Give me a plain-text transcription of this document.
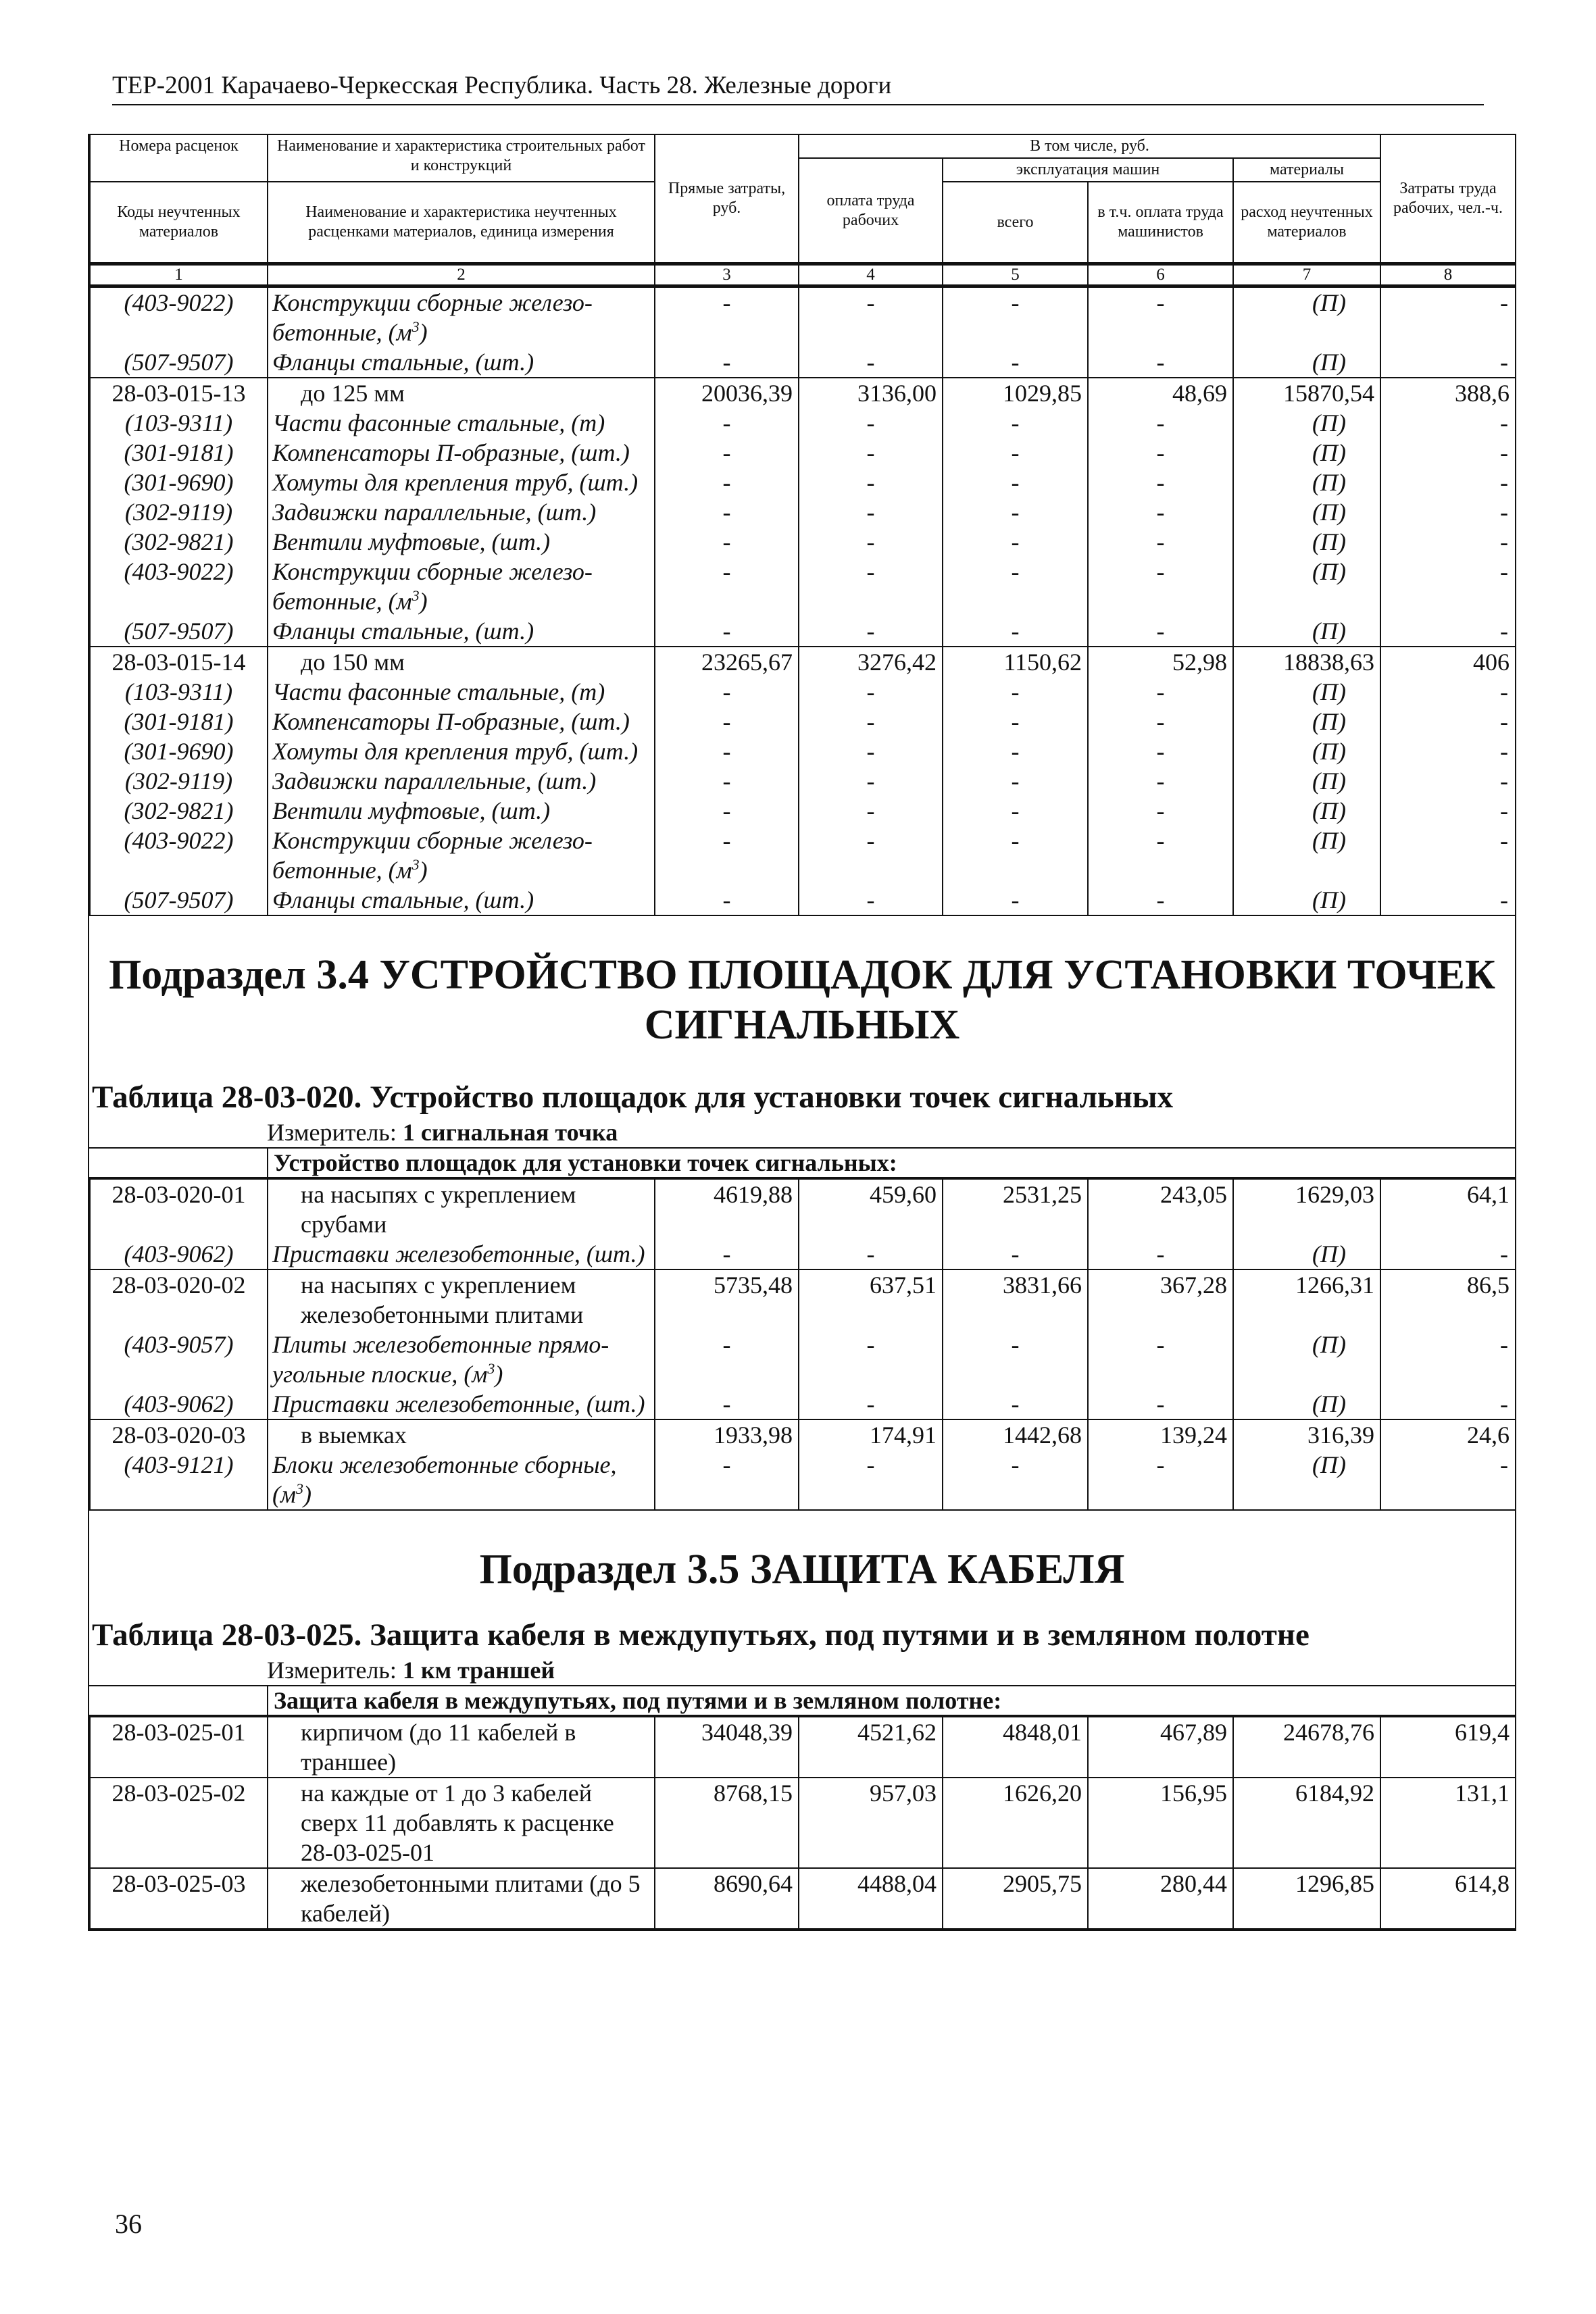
ТЕР-2001 Карачаево-Черкесская Республика. Часть 28. Железные дороги
Номера расценок	Наименование и характеристика строительных работ и конструкций	Прямые затраты, руб.	В том числе, руб.				Затраты труда рабочих, чел.-ч.
			оплата труда рабочих	эксплуатация машин		материалы	
Коды неучтенных материалов	Наименование и характеристика неучтенных расценками материалов, единица измерения			всего	в т.ч. оплата труда машинистов	расход неучтенных материалов	
1	2	3	4	5	6	7	8
(403-9022)	Конструкции сборные железо-бетонные, $(м^3)$	-	-	-	-	(П)	-
(507-9507)	Фланцы стальные, (шт.)	-	-	-	-	(П)	-
28-03-015-13	до 125 мм	20036,39	3136,00	1029,85	48,69	15870,54	388,6
(103-9311)	Части фасонные стальные, (т)	-	-	-	-	(П)	-
(301-9181)	Компенсаторы П-образные, (шт.)	-	-	-	-	(П)	-
(301-9690)	Хомуты для крепления труб, (шт.)	-	-	-	-	(П)	-
(302-9119)	Задвижки параллельные, (шт.)	-	-	-	-	(П)	-
(302-9821)	Вентили муфтовые, (шт.)	-	-	-	-	(П)	-
(403-9022)	Конструкции сборные железо-бетонные, $(м^3)$	-	-	-	-	(П)	-
(507-9507)	Фланцы стальные, (шт.)	-	-	-	-	(П)	-
28-03-015-14	до 150 мм	23265,67	3276,42	1150,62	52,98	18838,63	406
(103-9311)	Части фасонные стальные, (т)	-	-	-	-	(П)	-
(301-9181)	Компенсаторы П-образные, (шт.)	-	-	-	-	(П)	-
(301-9690)	Хомуты для крепления труб, (шт.)	-	-	-	-	(П)	-
(302-9119)	Задвижки параллельные, (шт.)	-	-	-	-	(П)	-
(302-9821)	Вентили муфтовые, (шт.)	-	-	-	-	(П)	-
(403-9022)	Конструкции сборные железо-бетонные, $(м^3)$	-	-	-	-	(П)	-
(507-9507)	Фланцы стальные, (шт.)	-	-	-	-	(П)	-
Подраздел 3.4 УСТРОЙСТВО ПЛОЩАДОК ДЛЯ УСТАНОВКИ ТОЧЕК СИГНАЛЬНЫХ
Таблица 28-03-020. Устройство площадок для установки точек сигнальных
Измеритель: 1 сигнальная точка
Устройство площадок для установки точек сигнальных:
28-03-020-01	на насыпях с укреплением срубами	4619,88	459,60	2531,25	243,05	1629,03	64,1
(403-9062)	Приставки железобетонные, (шт.)	-	-	-	-	(П)	-
28-03-020-02	на насыпях с укреплением железобетонными плитами	5735,48	637,51	3831,66	367,28	1266,31	86,5
(403-9057)	Плиты железобетонные прямо-угольные плоские, $(м^3)$	-	-	-	-	(П)	-
(403-9062)	Приставки железобетонные, (шт.)	-	-	-	-	(П)	-
28-03-020-03	в выемках	1933,98	174,91	1442,68	139,24	316,39	24,6
(403-9121)	Блоки железобетонные сборные, $(м^3)$	-	-	-	-	(П)	-
Подраздел 3.5 ЗАЩИТА КАБЕЛЯ
Таблица 28-03-025. Защита кабеля в междупутьях, под путями и в земляном полотне
Измеритель: 1 км траншей
Защита кабеля в междупутьях, под путями и в земляном полотне:
28-03-025-01	кирпичом (до 11 кабелей в траншее)	34048,39	4521,62	4848,01	467,89	24678,76	619,4
28-03-025-02	на каждые от 1 до 3 кабелей сверх 11 добавлять к расценке 28-03-025-01	8768,15	957,03	1626,20	156,95	6184,92	131,1
28-03-025-03	железобетонными плитами (до 5 кабелей)	8690,64	4488,04	2905,75	280,44	1296,85	614,8
36
